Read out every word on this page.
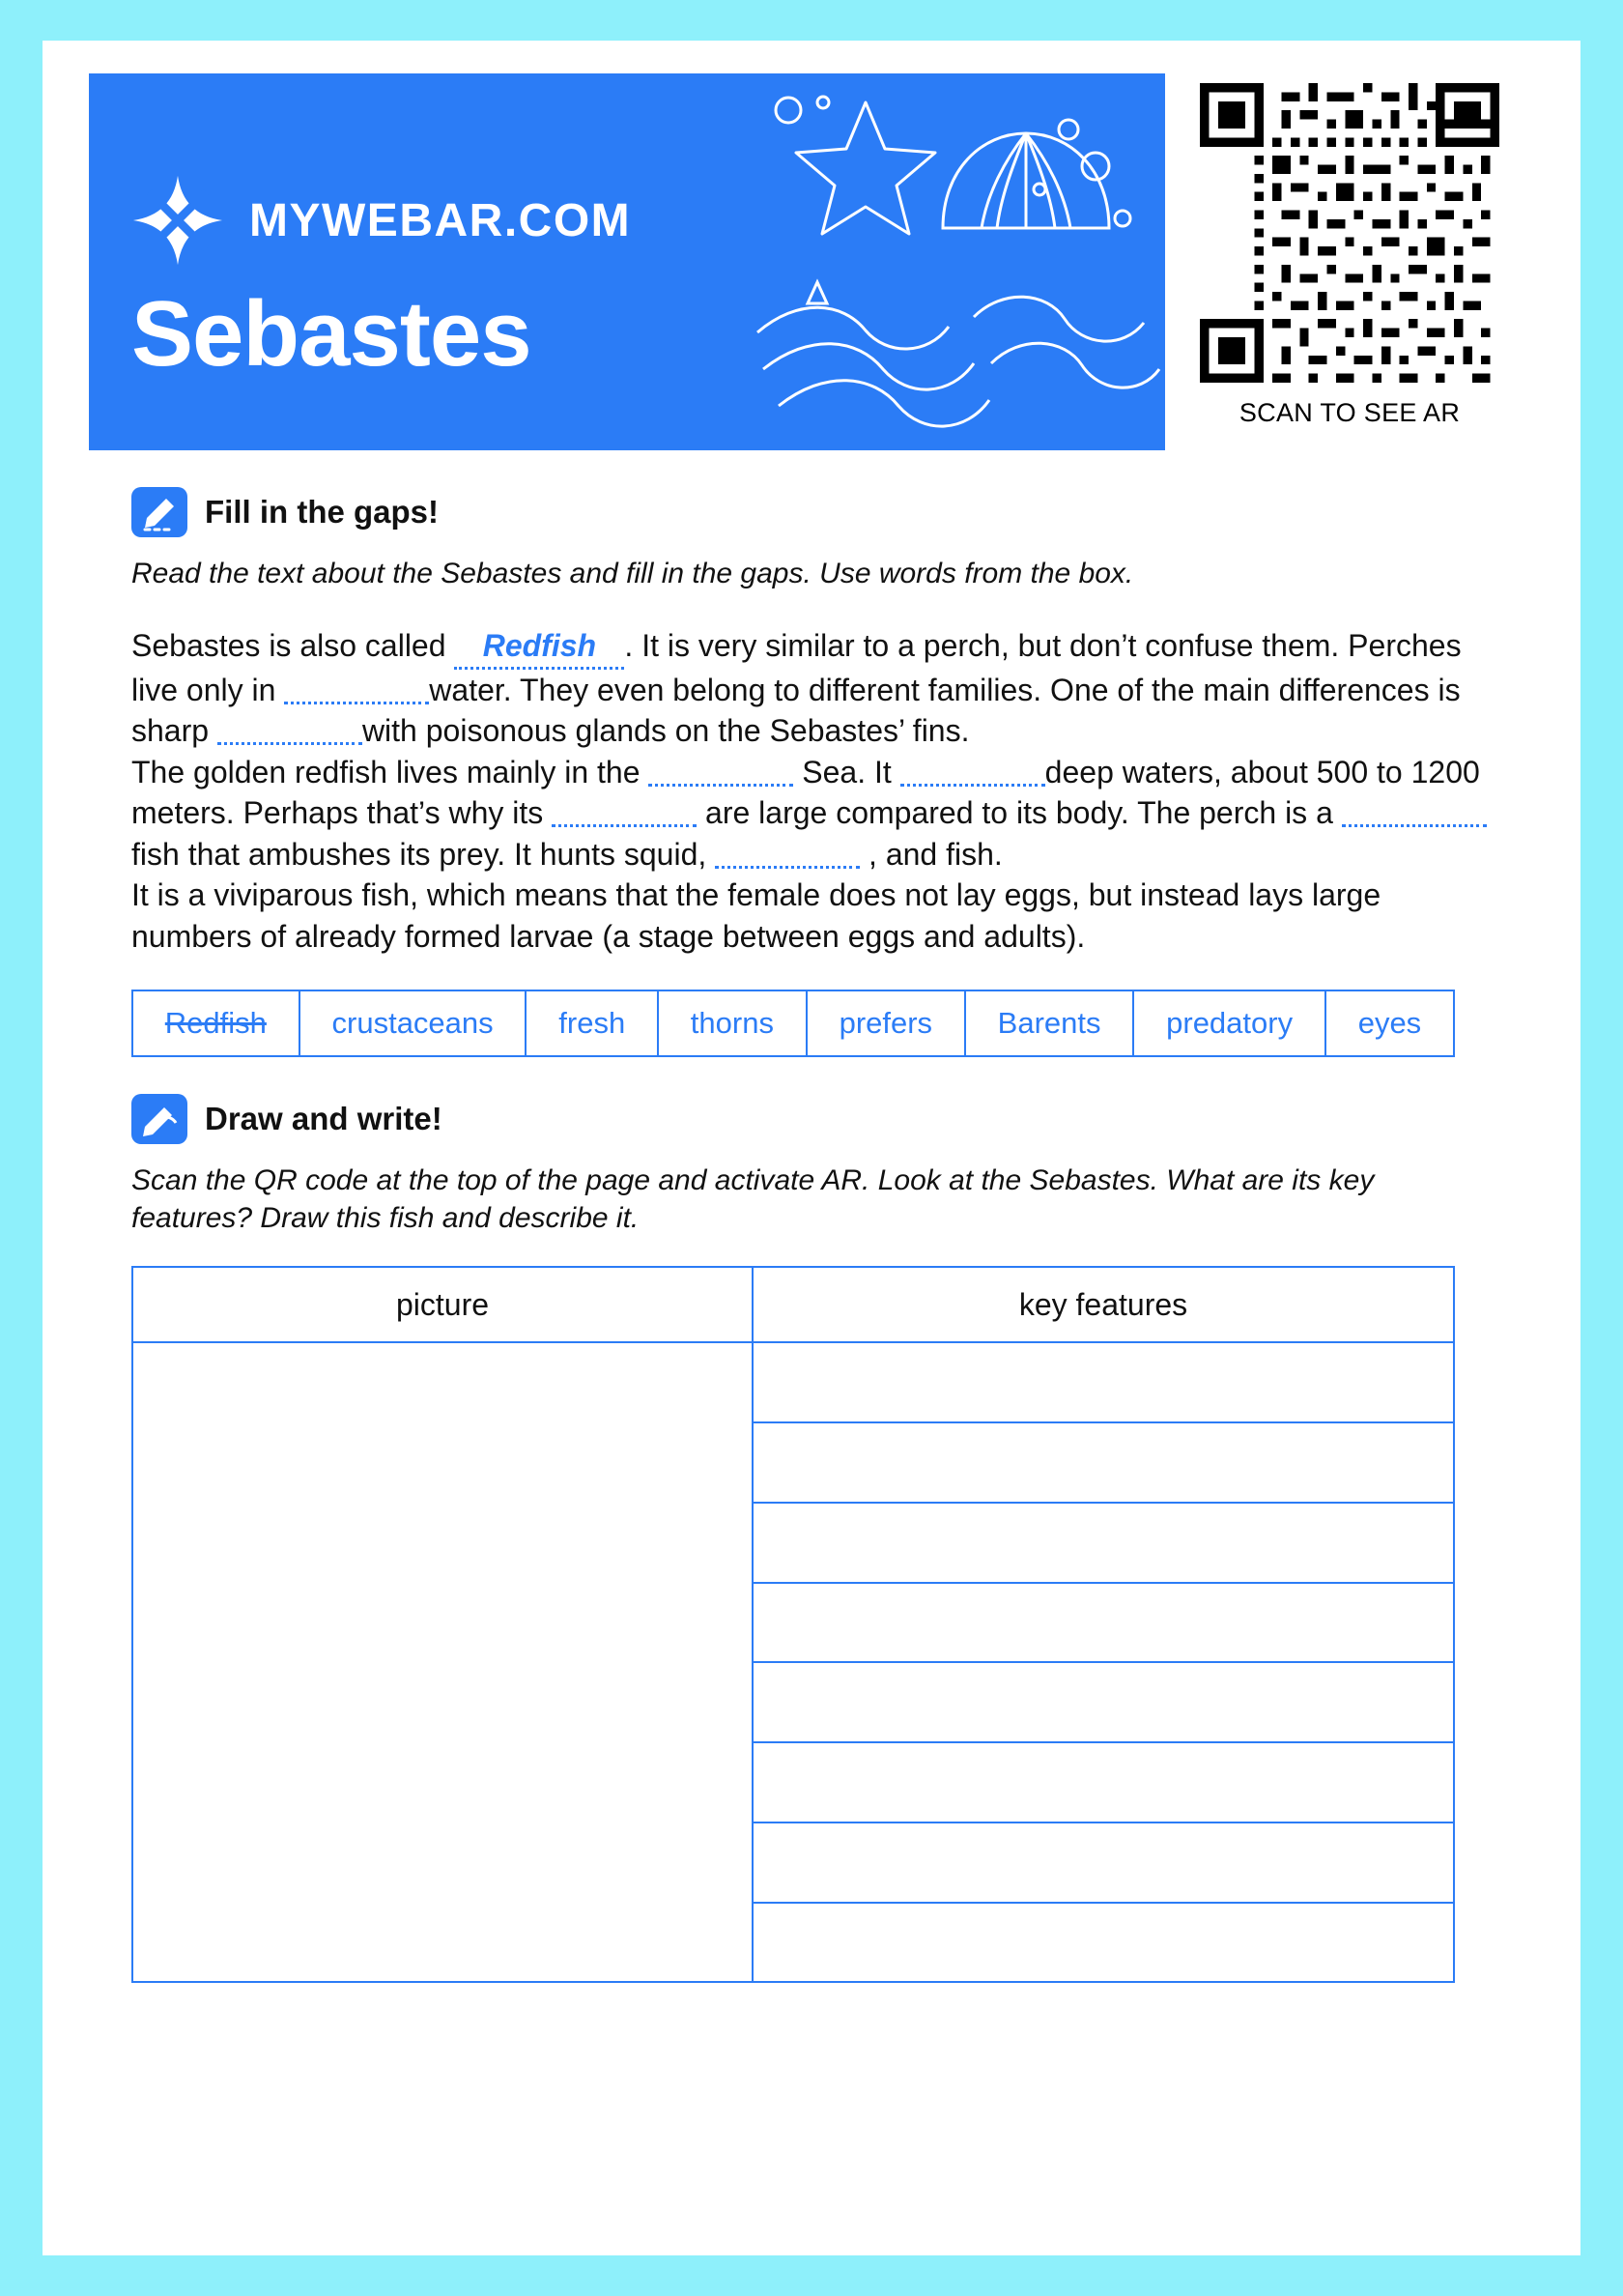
MYWEBAR.COM
Sebastes
SCAN TO SEE AR
Fill in the gaps!
Read the text about the Sebastes and fill in the gaps. Use words from the box.

Sebastes is also called Redfish . It is very similar to a perch, but don’t confuse them. Perches live only in	water. They even belong to different families. One of the main differences is sharp	with poisonous glands on the Sebastes’ fins.

The golden redfish lives mainly in the	Sea. It	deep waters, about 500 to 1200 meters. Perhaps that’s why its	are large compared to its body. The perch is a fish that ambushes its prey. It hunts squid,	, and fish.

It is a viviparous fish, which means that the female does not lay eggs, but instead lays large numbers of already formed larvae (a stage between eggs and adults).

Redfish	crustaceans	fresh	thorns	prefers	Barents	predatory	eyes
Draw and write!
Scan the QR code at the top of the page and activate AR. Look at the Sebastes. What are its key features? Draw this fish and describe it.
picture	key features
